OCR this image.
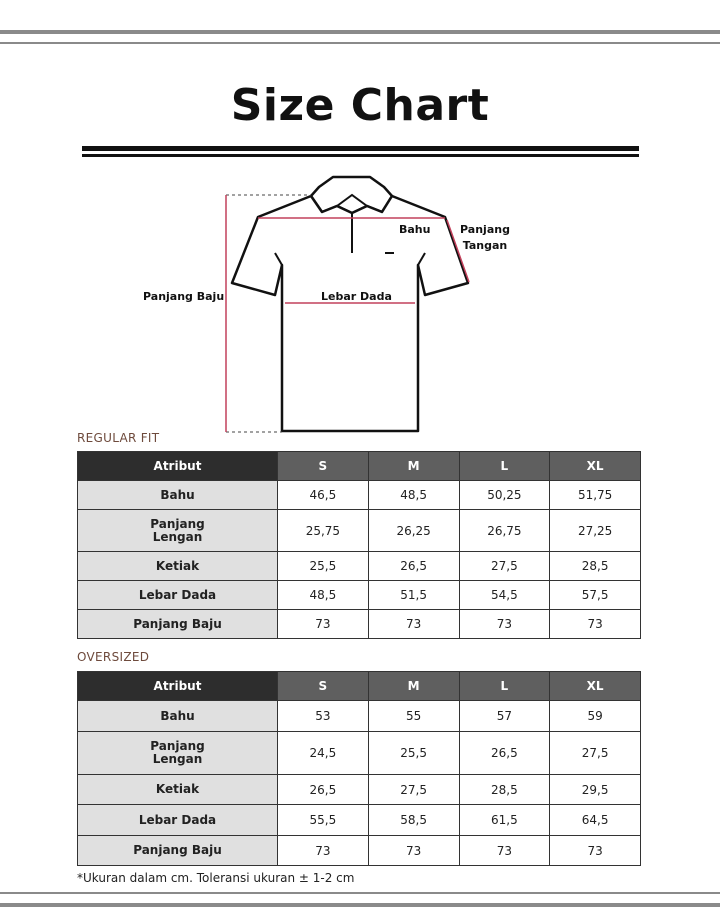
Size Chart
Bahu	Panjang
Tangan
Panjang Baju	Lebar Dada
REGULAR FIT
Atribut	S	M	L	XL
Bahu	46,5	48,5	50,25	51,75

Panjang
Lengan	25,75	26,25	26,75	27,25
Ketiak	25,5	26,5	27,5	28,5
Lebar Dada	48,5	51,5	54,5	57,5
Panjang Baju	73	73	73	73
OVERSIZED
Atribut	S	M	L	XL
Bahu	53	55	57	59

Panjang
Lengan	24,5	25,5	26,5	27,5
Ketiak	26,5	27,5	28,5	29,5
Lebar Dada	55,5	58,5	61,5	64,5
Panjang Baju	73	73	73	73
*Ukuran dalam cm. Toleransi ukuran ± 1-2 cm
